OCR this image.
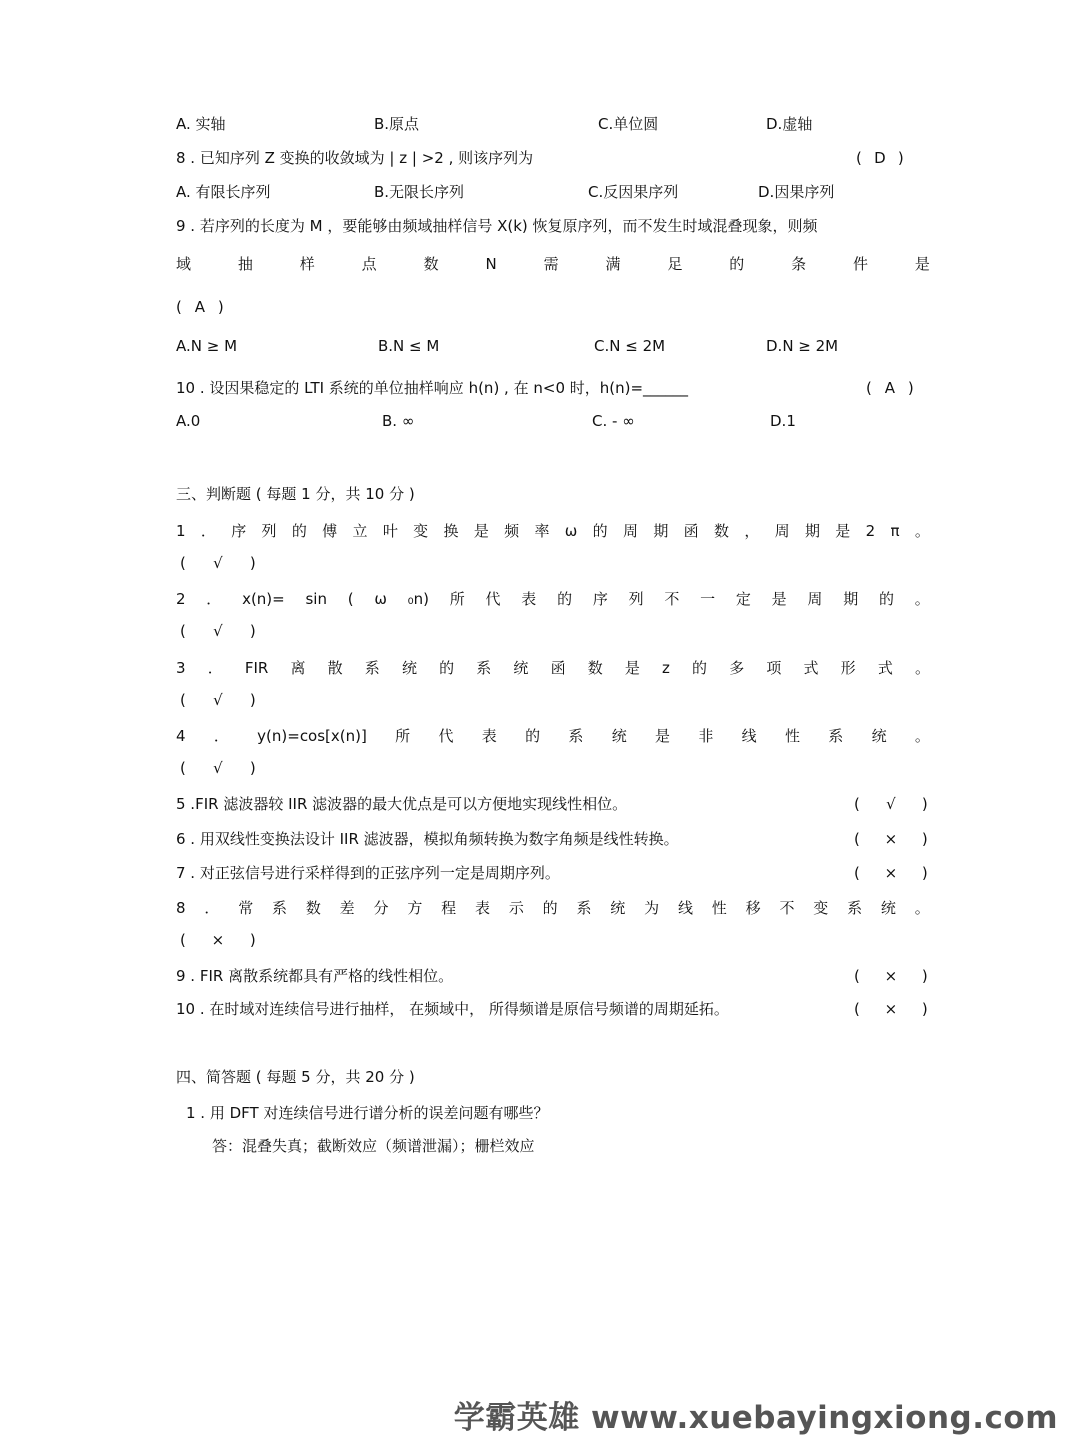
A. 实轴	B.原点	C.单位圆	D.虚轴
8 . 已知序列 Z 变换的收敛域为 | z | >2 , 则该序列为	( D )
A. 有限长序列	B.无限长序列	C.反因果序列	D.因果序列
9 . 若序列的长度为 M ，要能够由频域抽样信号 X(k) 恢复原序列，而不发生时域混叠现象，则频
域	抽	样	点	数	N	需	满	足	的	条	件	是
( A )
A.N ≥ M	B.N ≤ M	C.N ≤ 2M	D.N ≥ 2M
10 . 设因果稳定的 LTI 系统的单位抽样响应 h(n) , 在 n<0 时，h(n)=______	( A )
A.0	B. ∞	C. - ∞	D.1
三、判断题 ( 每题 1 分，共 10 分 )
1 ． 序 列 的 傅 立 叶 变 换 是 频 率 ω 的 周 期 函 数 ， 周 期 是 2 π 。
( √ )
2 ． x(n)= sin ( ω ₀n) 所 代 表 的 序 列 不 一 定 是 周 期 的 。
( √ )
3 ． FIR 离 散 系 统 的 系 统 函 数 是 z 的 多 项 式 形 式 。
( √ )
4 ． y(n)=cos[x(n)] 所 代 表 的 系 统 是 非 线 性 系 统 。
( √ )
5 .FIR 滤波器较 IIR 滤波器的最大优点是可以方便地实现线性相位。	( √ )
6 . 用双线性变换法设计 IIR 滤波器，模拟角频转换为数字角频是线性转换。	( × )
7 . 对正弦信号进行采样得到的正弦序列一定是周期序列。	( × )
8 ． 常 系 数 差 分 方 程 表 示 的 系 统 为 线 性 移 不 变 系 统 。
( × )
9 . FIR 离散系统都具有严格的线性相位。	( × )
10 . 在时域对连续信号进行抽样， 在频域中， 所得频谱是原信号频谱的周期延拓。	( × )
四、简答题 ( 每题 5 分，共 20 分 )
1 . 用 DFT 对连续信号进行谱分析的误差问题有哪些？
答：混叠失真；截断效应（频谱泄漏）；栅栏效应
学霸英雄 www.xuebayingxiong.com
